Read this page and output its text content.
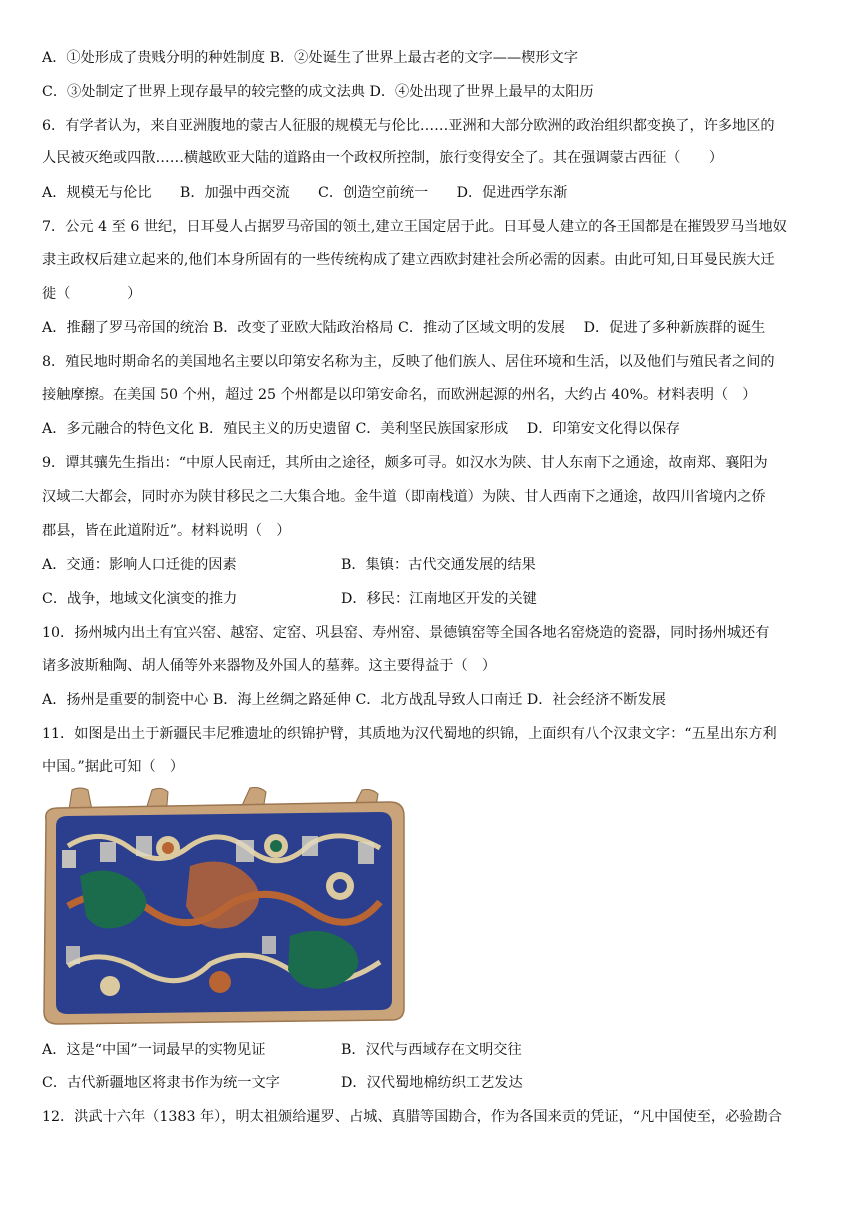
A．①处形成了贵贱分明的种姓制度 B．②处诞生了世界上最古老的文字——楔形文字
C．③处制定了世界上现存最早的较完整的成文法典 D．④处出现了世界上最早的太阳历
6．有学者认为，来自亚洲腹地的蒙古人征服的规模无与伦比……亚洲和大部分欧洲的政治组织都变换了，许多地区的
人民被灭绝或四散……横越欧亚大陆的道路由一个政权所控制，旅行变得安全了。其在强调蒙古西征（　　）
A．规模无与伦比　　B．加强中西交流　　C．创造空前统一　　D．促进西学东渐
7．公元 4 至 6 世纪，日耳曼人占据罗马帝国的领土,建立王国定居于此。日耳曼人建立的各王国都是在摧毁罗马当地奴
隶主政权后建立起来的,他们本身所固有的一些传统构成了建立西欧封建社会所必需的因素。由此可知,日耳曼民族大迁
徙（　　　　）
A．推翻了罗马帝国的统治 B．改变了亚欧大陆政治格局 C．推动了区域文明的发展　 D．促进了多种新族群的诞生
8．殖民地时期命名的美国地名主要以印第安名称为主，反映了他们族人、居住环境和生活，以及他们与殖民者之间的
接触摩擦。在美国 50 个州，超过 25 个州都是以印第安命名，而欧洲起源的州名，大约占 40%。材料表明（　）
A．多元融合的特色文化 B．殖民主义的历史遗留 C．美利坚民族国家形成　 D．印第安文化得以保存
9．谭其骧先生指出：“中原人民南迁，其所由之途径，颇多可寻。如汉水为陕、甘人东南下之通途，故南郑、襄阳为
汉域二大都会，同时亦为陕甘移民之二大集合地。金牛道（即南栈道）为陕、甘人西南下之通途，故四川省境内之侨
郡县，皆在此道附近”。材料说明（　）
A．交通：影响人口迁徙的因素	B．集镇：古代交通发展的结果
C．战争，地域文化演变的推力	D．移民：江南地区开发的关键
10．扬州城内出土有宜兴窑、越窑、定窑、巩县窑、寿州窑、景德镇窑等全国各地名窑烧造的瓷器，同时扬州城还有
诸多波斯釉陶、胡人俑等外来器物及外国人的墓葬。这主要得益于（　）
A．扬州是重要的制瓷中心 B．海上丝绸之路延伸 C．北方战乱导致人口南迁 D．社会经济不断发展
11．如图是出土于新疆民丰尼雅遗址的织锦护臂，其质地为汉代蜀地的织锦，上面织有八个汉隶文字：“五星出东方利
中国。”据此可知（　）
A．这是“中国”一词最早的实物见证	B．汉代与西域存在文明交往
C．古代新疆地区将隶书作为统一文字	D．汉代蜀地棉纺织工艺发达
12．洪武十六年（1383 年），明太祖颁给暹罗、占城、真腊等国勘合，作为各国来贡的凭证，“凡中国使至，必验勘合
